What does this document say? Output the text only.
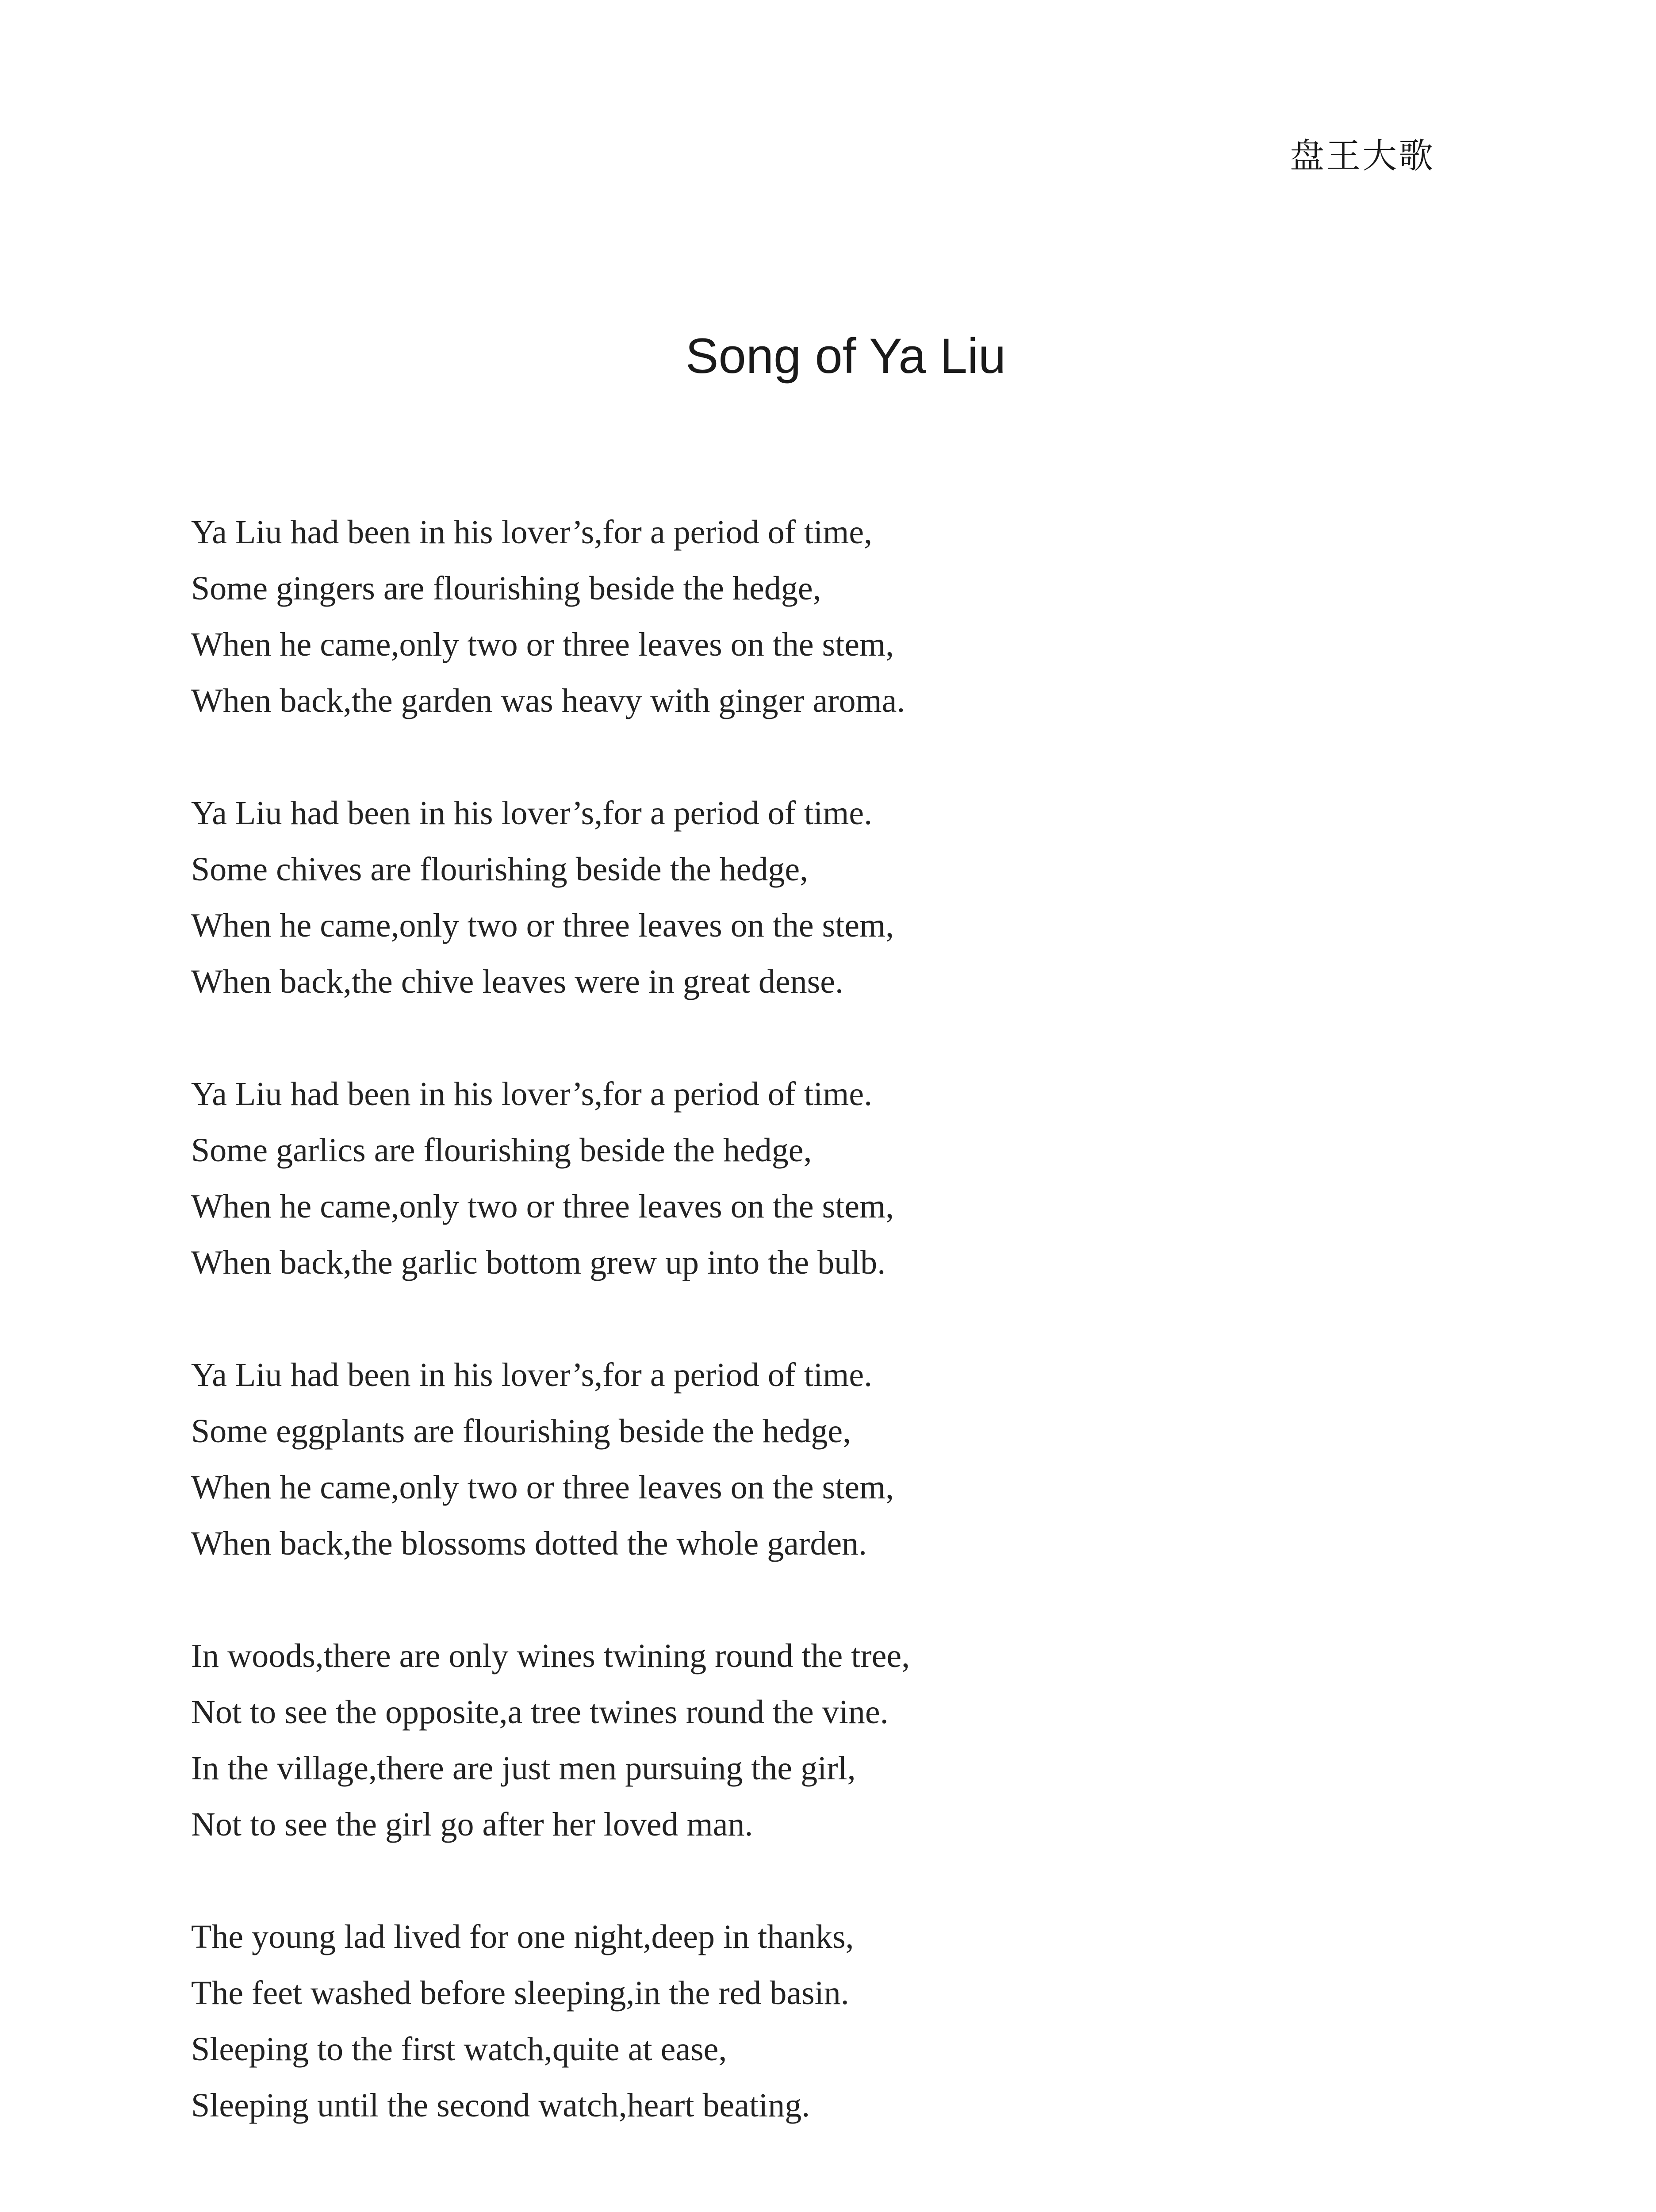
盘王大歌
Song of Ya Liu
Ya Liu had been in his lover’s,for a period of time,
Some gingers are flourishing beside the hedge,
When he came,only two or three leaves on the stem,
When back,the garden was heavy with ginger aroma.
Ya Liu had been in his lover’s,for a period of time.
Some chives are flourishing beside the hedge,
When he came,only two or three leaves on the stem,
When back,the chive leaves were in great dense.
Ya Liu had been in his lover’s,for a period of time.
Some garlics are flourishing beside the hedge,
When he came,only two or three leaves on the stem,
When back,the garlic bottom grew up into the bulb.
Ya Liu had been in his lover’s,for a period of time.
Some eggplants are flourishing beside the hedge,
When he came,only two or three leaves on the stem,
When back,the blossoms dotted the whole garden.
In woods,there are only wines twining round the tree,
Not to see the opposite,a tree twines round the vine.
In the village,there are just men pursuing the girl,
Not to see the girl go after her loved man.
The young lad lived for one night,deep in thanks,
The feet washed before sleeping,in the red basin.
Sleeping to the first watch,quite at ease,
Sleeping until the second watch,heart beating.
